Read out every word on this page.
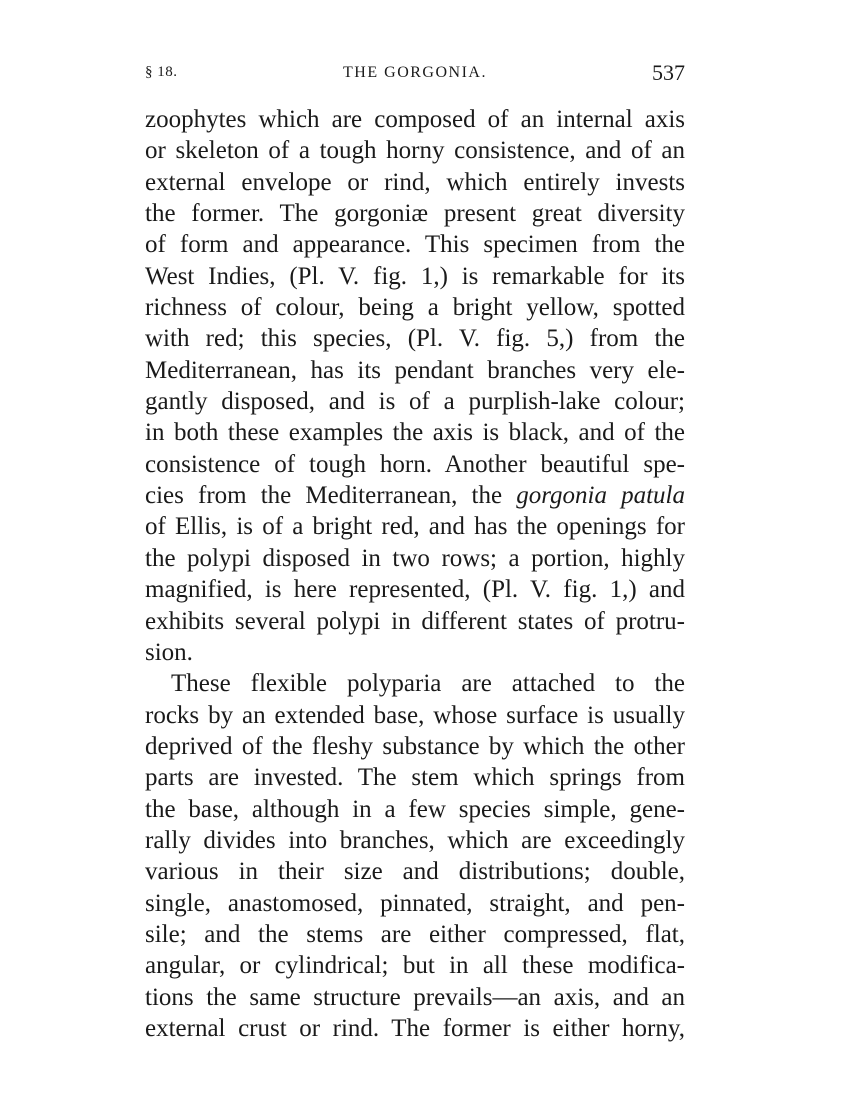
§ 18.	THE GORGONIA.	537
zoophytes which are composed of an internal axis
or skeleton of a tough horny consistence, and of an
external envelope or rind, which entirely invests
the former. The gorgoniæ present great diversity
of form and appearance. This specimen from the
West Indies, (Pl. V. fig. 1,) is remarkable for its
richness of colour, being a bright yellow, spotted
with red; this species, (Pl. V. fig. 5,) from the
Mediterranean, has its pendant branches very ele-
gantly disposed, and is of a purplish-lake colour;
in both these examples the axis is black, and of the
consistence of tough horn. Another beautiful spe-
cies from the Mediterranean, the gorgonia patula
of Ellis, is of a bright red, and has the openings for
the polypi disposed in two rows; a portion, highly
magnified, is here represented, (Pl. V. fig. 1,) and
exhibits several polypi in different states of protru-
sion.
These flexible polyparia are attached to the
rocks by an extended base, whose surface is usually
deprived of the fleshy substance by which the other
parts are invested. The stem which springs from
the base, although in a few species simple, gene-
rally divides into branches, which are exceedingly
various in their size and distributions; double,
single, anastomosed, pinnated, straight, and pen-
sile; and the stems are either compressed, flat,
angular, or cylindrical; but in all these modifica-
tions the same structure prevails—an axis, and an
external crust or rind. The former is either horny,
